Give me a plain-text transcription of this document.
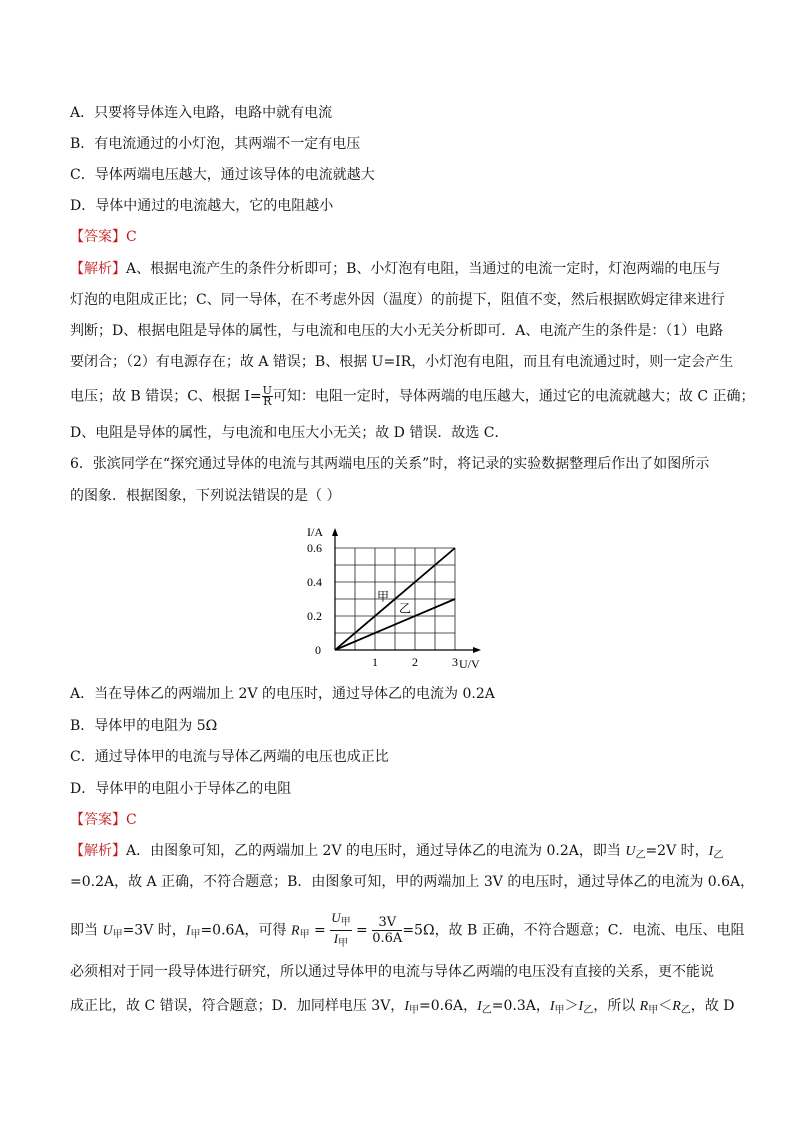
A．只要将导体连入电路，电路中就有电流
B．有电流通过的小灯泡，其两端不一定有电压
C．导体两端电压越大，通过该导体的电流就越大
D．导体中通过的电流越大，它的电阻越小
【答案】C
【解析】A、根据电流产生的条件分析即可；B、小灯泡有电阻，当通过的电流一定时，灯泡两端的电压与
灯泡的电阻成正比；C、同一导体，在不考虑外因（温度）的前提下，阻值不变，然后根据欧姆定律来进行
判断；D、根据电阻是导体的属性，与电流和电压的大小无关分析即可．A、电流产生的条件是：（1）电路
要闭合；（2）有电源存在；故 A 错误；B、根据 U=IR，小灯泡有电阻，而且有电流通过时，则一定会产生
电压；故 B 错误；C、根据 $I= \frac{U}{R}$ 可知：电阻一定时，导体两端的电压越大，通过它的电流就越大；故 C 正确；
D、电阻是导体的属性，与电流和电压大小无关；故 D 错误．故选 C．
6．张滨同学在“探究通过导体的电流与其两端电压的关系”时，将记录的实验数据整理后作出了如图所示
的图象．根据图象，下列说法错误的是（ ）
I/A
U/V
0
1	2	3
0.2
0.4
0.6
甲
乙
A．当在导体乙的两端加上 2V 的电压时，通过导体乙的电流为 0.2A
B．导体甲的电阻为 5Ω
C．通过导体甲的电流与导体乙两端的电压也成正比
D．导体甲的电阻小于导体乙的电阻
【答案】C
【解析】A．由图象可知，乙的两端加上 2V 的电压时，通过导体乙的电流为 0.2A，即当 $U_乙=2V$ 时，$I_乙$
=0.2A，故 A 正确，不符合题意；B．由图象可知，甲的两端加上 3V 的电压时，通过导体乙的电流为 0.6A，
即当 $U_甲=3V$ 时，$I_甲=0.6A$，可得 $R_甲 = \frac{U_甲}{I_甲} = \frac{3V}{0.6A} =5\Omega$，故 B 正确，不符合题意；C．电流、电压、电阻
必须相对于同一段导体进行研究，所以通过导体甲的电流与导体乙两端的电压没有直接的关系，更不能说
成正比，故 C 错误，符合题意；D．加同样电压 3V，$I_甲=0.6A$，$I_乙=0.3A$，$I_甲>I_乙$，所以 $R_甲<R_乙$，故 D
